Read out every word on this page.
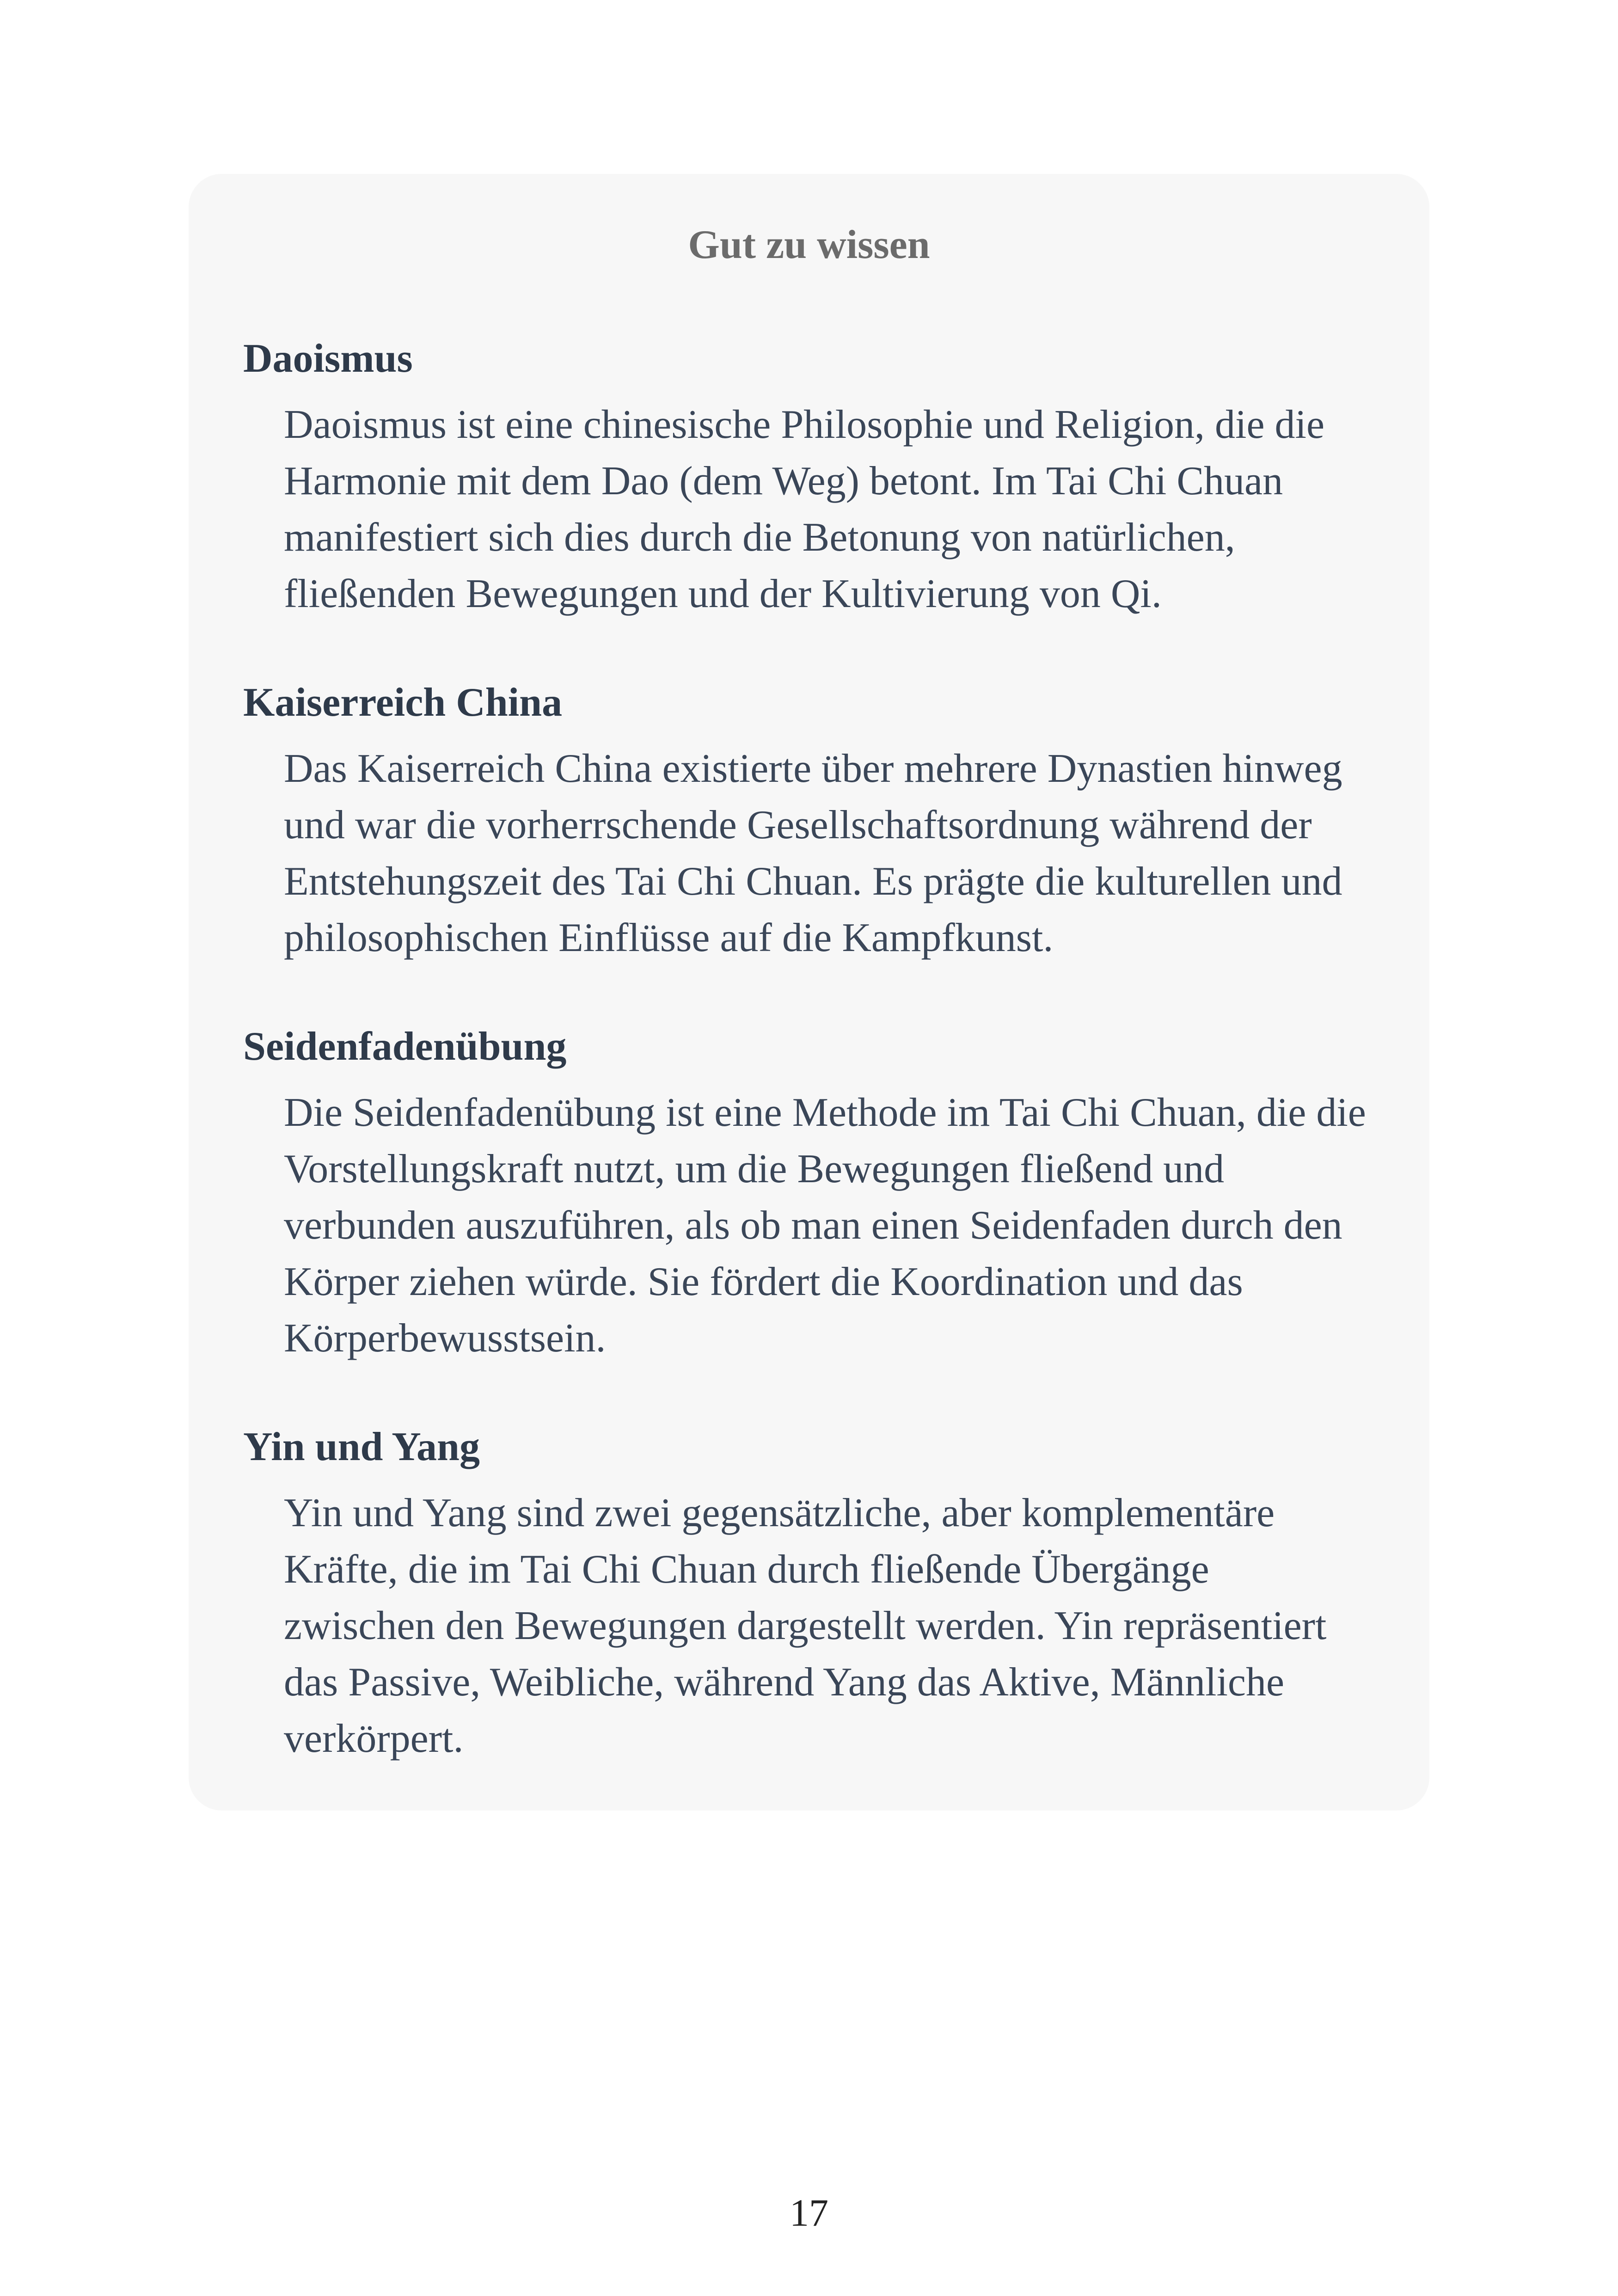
Gut zu wissen
Daoismus

Daoismus ist eine chinesische Philosophie und Religion, die die Harmonie mit dem Dao (dem Weg) betont. Im Tai Chi Chuan manifestiert sich dies durch die Betonung von natürlichen, fließenden Bewegungen und der Kultivierung von Qi.

Kaiserreich China

Das Kaiserreich China existierte über mehrere Dynastien hinweg und war die vorherrschende Gesellschaftsordnung während der Entstehungszeit des Tai Chi Chuan. Es prägte die kulturellen und philosophischen Einflüsse auf die Kampfkunst.

Seidenfadenübung

Die Seidenfadenübung ist eine Methode im Tai Chi Chuan, die die Vorstellungskraft nutzt, um die Bewegungen fließend und verbunden auszuführen, als ob man einen Seidenfaden durch den Körper ziehen würde. Sie fördert die Koordination und das Körperbewusstsein.

Yin und Yang

Yin und Yang sind zwei gegensätzliche, aber komplementäre Kräfte, die im Tai Chi Chuan durch fließende Übergänge zwischen den Bewegungen dargestellt werden. Yin repräsentiert das Passive, Weibliche, während Yang das Aktive, Männliche verkörpert.

17
